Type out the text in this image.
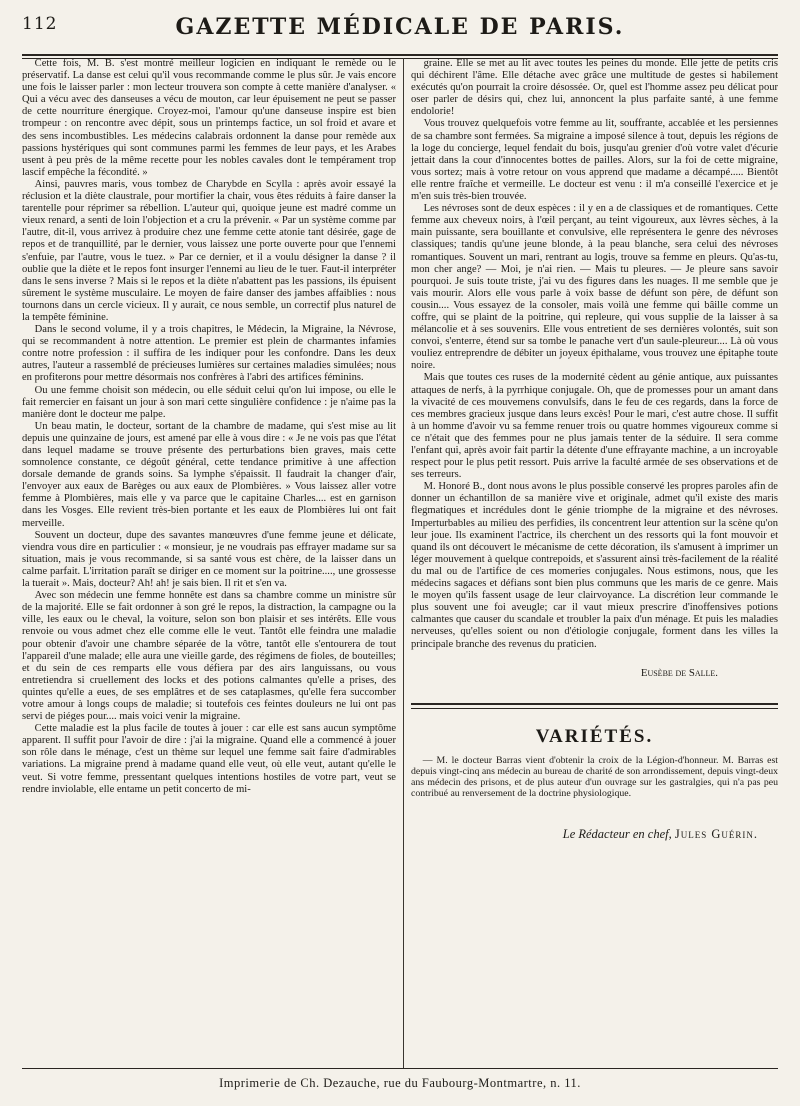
112	GAZETTE MÉDICALE DE PARIS.

Cette fois, M. B. s'est montré meilleur logicien en indiquant le remède ou le préservatif. La danse est celui qu'il vous recommande comme le plus sûr. Je vais encore une fois le laisser parler : mon lecteur trouvera son compte à cette manière d'analyser. « Qui a vécu avec des danseuses a vécu de mouton, car leur épuisement ne peut se passer de cette nourriture énergique. Croyez-moi, l'amour qu'une danseuse inspire est bien trompeur : on rencontre avec dépit, sous un printemps factice, un sol froid et avare et des sens incombustibles. Les médecins calabrais ordonnent la danse pour remède aux passions hystériques qui sont communes parmi les femmes de leur pays, et les Arabes usent à peu près de la même recette pour les nobles cavales dont le tempérament trop lascif empêche la fécondité. »

Ainsi, pauvres maris, vous tombez de Charybde en Scylla : après avoir essayé la réclusion et la diète claustrale, pour mortifier la chair, vous êtes réduits à faire danser la tarentelle pour réprimer sa rébellion. L'auteur qui, quoique jeune est madré comme un vieux renard, a senti de loin l'objection et a cru la prévenir. « Par un système comme par l'autre, dit-il, vous arrivez à produire chez une femme cette atonie tant désirée, gage de repos et de tranquillité, par le dernier, vous laissez une porte ouverte pour que l'ennemi s'enfuie, par l'autre, vous le tuez. » Par ce dernier, et il a voulu désigner la danse ? il oublie que la diète et le repos font insurger l'ennemi au lieu de le tuer. Faut-il interpréter dans le sens inverse ? Mais si le repos et la diète n'abattent pas les passions, ils épuisent sûrement le système musculaire. Le moyen de faire danser des jambes affaiblies : nous tournons dans un cercle vicieux. Il y aurait, ce nous semble, un correctif plus naturel de la tempête féminine.

Dans le second volume, il y a trois chapitres, le Médecin, la Migraine, la Névrose, qui se recommandent à notre attention. Le premier est plein de charmantes infamies contre notre profession : il suffira de les indiquer pour les confondre. Dans les deux autres, l'auteur a rassemblé de précieuses lumières sur certaines maladies simulées; nous en profiterons pour mettre désormais nos confrères à l'abri des artifices féminins.

Ou une femme choisit son médecin, ou elle séduit celui qu'on lui impose, ou elle le fait remercier en faisant un jour à son mari cette singulière confidence : je n'aime pas la manière dont le docteur me palpe.

Un beau matin, le docteur, sortant de la chambre de madame, qui s'est mise au lit depuis une quinzaine de jours, est amené par elle à vous dire : « Je ne vois pas que l'état dans lequel madame se trouve présente des perturbations bien graves, mais cette somnolence constante, ce dégoût général, cette tendance primitive à une affection dorsale demande de grands soins. Sa lymphe s'épaissit. Il faudrait la changer d'air, l'envoyer aux eaux de Barèges ou aux eaux de Plombières. » Vous laissez aller votre femme à Plombières, mais elle y va parce que le capitaine Charles.... est en garnison dans les Vosges. Elle revient très-bien portante et les eaux de Plombières lui ont fait merveille.

Souvent un docteur, dupe des savantes manœuvres d'une femme jeune et délicate, viendra vous dire en particulier : « monsieur, je ne voudrais pas effrayer madame sur sa situation, mais je vous recommande, si sa santé vous est chère, de la laisser dans un calme parfait. L'irritation paraît se diriger en ce moment sur la poitrine...., une grossesse la tuerait ». Mais, docteur? Ah! ah! je sais bien. Il rit et s'en va.

Avec son médecin une femme honnête est dans sa chambre comme un ministre sûr de la majorité. Elle se fait ordonner à son gré le repos, la distraction, la campagne ou la ville, les eaux ou le cheval, la voiture, selon son bon plaisir et ses intérêts. Elle vous renvoie ou vous admet chez elle comme elle le veut. Tantôt elle feindra une maladie pour obtenir d'avoir une chambre séparée de la vôtre, tantôt elle s'entourera de tout l'appareil d'une malade; elle aura une vieille garde, des régimens de fioles, de bouteilles; et du sein de ces remparts elle vous défiera par des airs languissans, ou vous entretiendra si cruellement des locks et des potions calmantes qu'elle a prises, des quintes qu'elle a eues, de ses emplâtres et de ses cataplasmes, qu'elle fera succomber votre amour à longs coups de maladie; si toutefois ces feintes douleurs ne lui ont pas servi de piéges pour.... mais voici venir la migraine.

Cette maladie est la plus facile de toutes à jouer : car elle est sans aucun symptôme apparent. Il suffit pour l'avoir de dire : j'ai la migraine. Quand elle a commencé à jouer son rôle dans le ménage, c'est un thème sur lequel une femme sait faire d'admirables variations. La migraine prend à madame quand elle veut, où elle veut, autant qu'elle le veut. Si votre femme, pressentant quelques intentions hostiles de votre part, veut se rendre inviolable, elle entame un petit concerto de mi-

graine. Elle se met au lit avec toutes les peines du monde. Elle jette de petits cris qui déchirent l'âme. Elle détache avec grâce une multitude de gestes si habilement exécutés qu'on pourrait la croire désossée. Or, quel est l'homme assez peu délicat pour oser parler de désirs qui, chez lui, annoncent la plus parfaite santé, à une femme endolorie!

Vous trouvez quelquefois votre femme au lit, souffrante, accablée et les persiennes de sa chambre sont fermées. Sa migraine a imposé silence à tout, depuis les régions de la loge du concierge, lequel fendait du bois, jusqu'au grenier d'où votre valet d'écurie jettait dans la cour d'innocentes bottes de pailles. Alors, sur la foi de cette migraine, vous sortez; mais à votre retour on vous apprend que madame a décampé..... Bientôt elle rentre fraîche et vermeille. Le docteur est venu : il m'a conseillé l'exercice et je m'en suis très-bien trouvée.

Les névroses sont de deux espèces : il y en a de classiques et de romantiques. Cette femme aux cheveux noirs, à l'œil perçant, au teint vigoureux, aux lèvres sèches, à la main puissante, sera bouillante et convulsive, elle représentera le genre des névroses classiques; tandis qu'une jeune blonde, à la peau blanche, sera celui des névroses romantiques. Souvent un mari, rentrant au logis, trouve sa femme en pleurs. Qu'as-tu, mon cher ange? — Moi, je n'ai rien. — Mais tu pleures. — Je pleure sans savoir pourquoi. Je suis toute triste, j'ai vu des figures dans les nuages. Il me semble que je vais mourir. Alors elle vous parle à voix basse de défunt son père, de défunt son cousin.... Vous essayez de la consoler, mais voilà une femme qui bâille comme un coffre, qui se plaint de la poitrine, qui repleure, qui vous supplie de la laisser à sa mélancolie et à ses souvenirs. Elle vous entretient de ses dernières volontés, suit son convoi, s'enterre, étend sur sa tombe le panache vert d'un saule-pleureur.... Là où vous vouliez entreprendre de débiter un joyeux épithalame, vous trouvez une épitaphe toute noire.

Mais que toutes ces ruses de la modernité cèdent au génie antique, aux puissantes attaques de nerfs, à la pyrrhique conjugale. Oh, que de promesses pour un amant dans la vivacité de ces mouvemens convulsifs, dans le feu de ces regards, dans la force de ces membres gracieux jusque dans leurs excès! Pour le mari, c'est autre chose. Il suffit à un homme d'avoir vu sa femme renuer trois ou quatre hommes vigoureux comme si ce n'était que des femmes pour ne plus jamais tenter de la séduire. Il sera comme l'enfant qui, après avoir fait partir la détente d'une effrayante machine, a un incroyable respect pour le plus petit ressort. Puis arrive la faculté armée de ses observations et de ses terreurs.

M. Honoré B., dont nous avons le plus possible conservé les propres paroles afin de donner un échantillon de sa manière vive et originale, admet qu'il existe des maris flegmatiques et incrédules dont le génie triomphe de la migraine et des névroses. Imperturbables au milieu des perfidies, ils concentrent leur attention sur la scène qu'on leur joue. Ils examinent l'actrice, ils cherchent un des ressorts qui la font mouvoir et quand ils ont découvert le mécanisme de cette décoration, ils s'amusent à imprimer un léger mouvement à quelque contrepoids, et s'assurent ainsi très-facilement de la réalité du mal ou de l'artifice de ces momeries conjugales. Nous estimons, nous, que les médecins sagaces et défians sont bien plus communs que les maris de ce genre. Mais le moyen qu'ils fassent usage de leur clairvoyance. La discrétion leur commande le plus souvent une foi aveugle; car il vaut mieux prescrire d'inoffensives potions calmantes que causer du scandale et troubler la paix d'un ménage. Et puis les maladies nerveuses, qu'elles soient ou non d'étiologie conjugale, forment dans les villes la principale branche des revenus du praticien.

Eusèbe de Salle.
VARIÉTÉS.

— M. le docteur Barras vient d'obtenir la croix de la Légion-d'honneur. M. Barras est depuis vingt-cinq ans médecin au bureau de charité de son arrondissement, depuis vingt-deux ans médecin des prisons, et de plus auteur d'un ouvrage sur les gastralgies, qui n'a pas peu contribué au renversement de la doctrine physiologique.

Le Rédacteur en chef, Jules Guérin.
Imprimerie de Ch. Dezauche, rue du Faubourg-Montmartre, n. 11.
